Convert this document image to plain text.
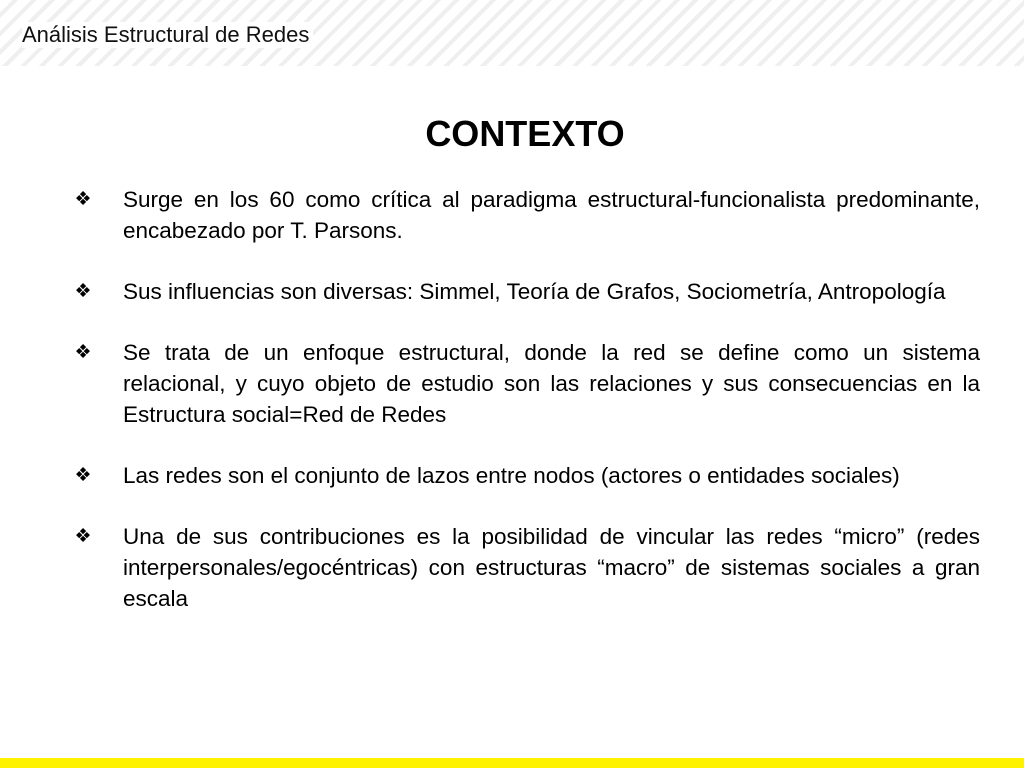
Análisis Estructural de Redes
CONTEXTO
❖ Surge en los 60 como crítica al paradigma estructural-funcionalista predominante, encabezado por T. Parsons.
❖ Sus influencias son diversas: Simmel, Teoría de Grafos, Sociometría, Antropología
❖ Se trata de un enfoque estructural, donde la red se define como un sistema relacional, y cuyo objeto de estudio son las relaciones y sus consecuencias en la Estructura social=Red de Redes
❖ Las redes son el conjunto de lazos entre nodos (actores o entidades sociales)
❖ Una de sus contribuciones es la posibilidad de vincular las redes “micro” (redes interpersonales/egocéntricas) con estructuras “macro” de sistemas sociales a gran escala
